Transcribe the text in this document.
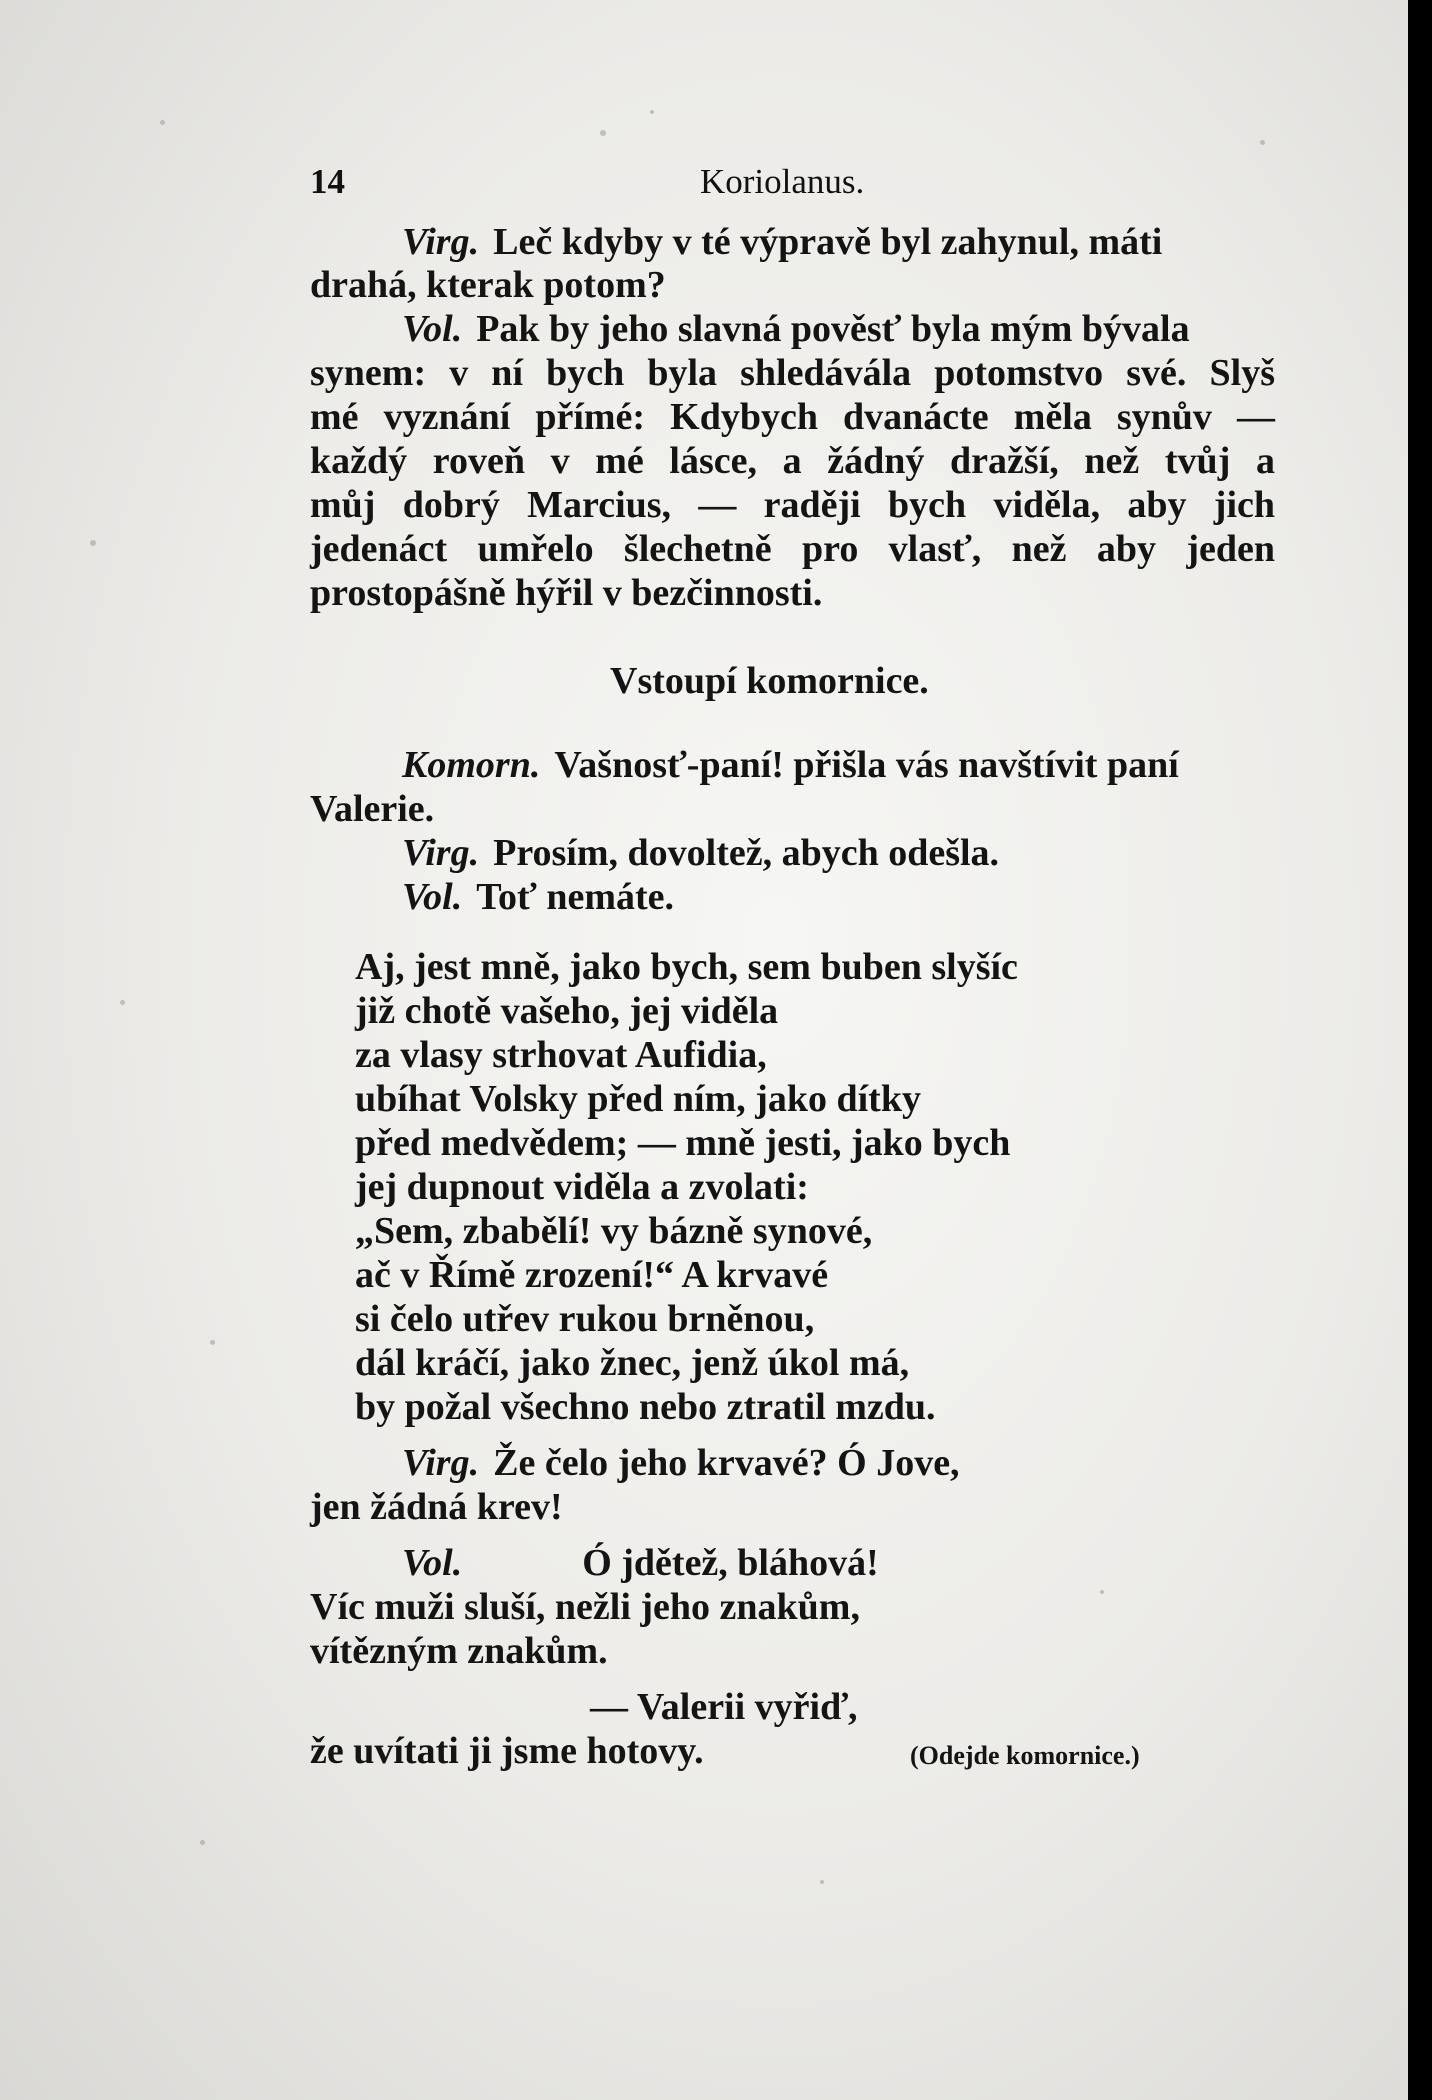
14	Koriolanus.
Virg. Leč kdyby v té výpravě byl zahynul, máti
drahá, kterak potom?
Vol. Pak by jeho slavná pověsť byla mým bývala
synem: v ní bych byla shledávála potomstvo své. Slyš
mé vyznání přímé: Kdybych dvanácte měla synův —
každý roveň v mé lásce, a žádný dražší, než tvůj a
můj dobrý Marcius, — raději bych viděla, aby jich
jedenáct umřelo šlechetně pro vlasť, než aby jeden
prostopášně hýřil v bezčinnosti.
Vstoupí komornice.
Komorn. Vašnosť-paní! přišla vás navštívit paní
Valerie.
Virg. Prosím, dovoltež, abych odešla.
Vol. Toť nemáte.
Aj, jest mně, jako bych, sem buben slyšíc
již chotě vašeho, jej viděla
za vlasy strhovat Aufidia,
ubíhat Volsky před ním, jako dítky
před medvědem; — mně jesti, jako bych
jej dupnout viděla a zvolati:
„Sem, zbabělí! vy bázně synové,
ač v Římě zrození!“ A krvavé
si čelo utřev rukou brněnou,
dál kráčí, jako žnec, jenž úkol má,
by požal všechno nebo ztratil mzdu.
Virg. Že čelo jeho krvavé? Ó Jove,
jen žádná krev!
Vol.	Ó jdětež, bláhová!
Víc muži sluší, nežli jeho znakům,
vítězným znakům.
— Valerii vyřiď,
že uvítati ji jsme hotovy.	(Odejde komornice.)
